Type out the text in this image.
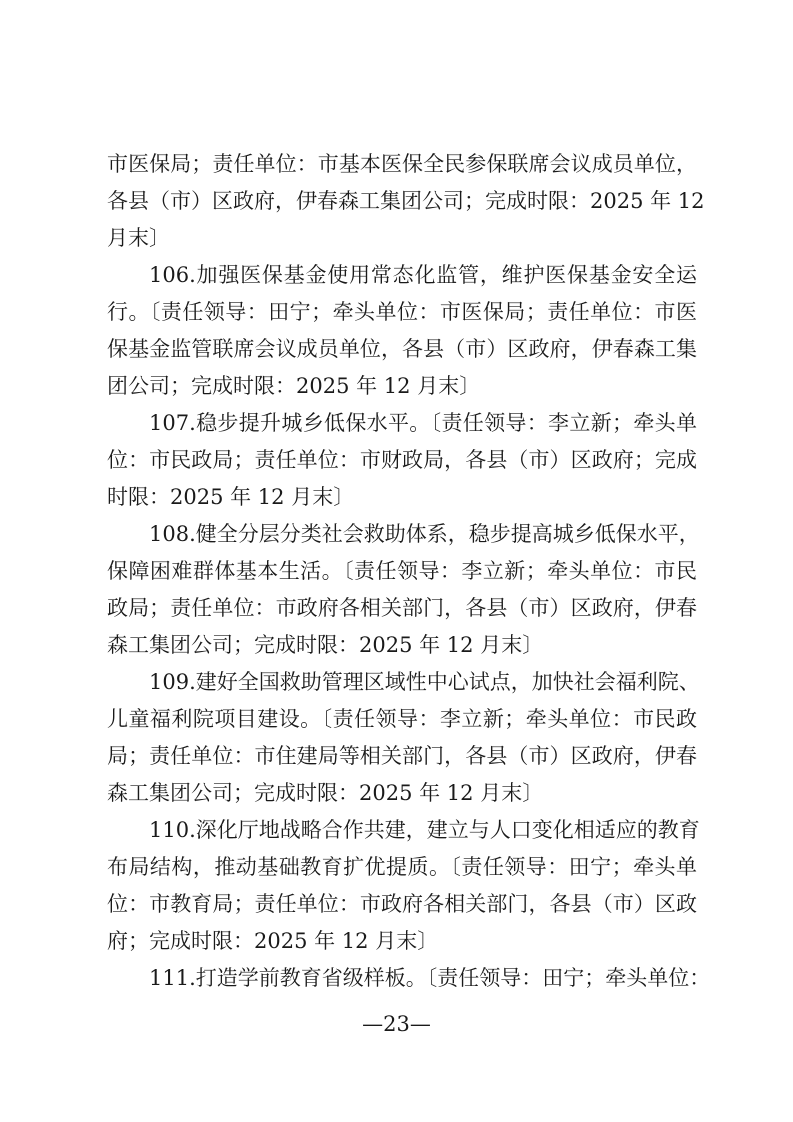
市医保局；责任单位：市基本医保全民参保联席会议成员单位，
各县（市）区政府，伊春森工集团公司；完成时限：2025 年 12
月末〕
106.加强医保基金使用常态化监管，维护医保基金安全运
行。〔责任领导：田宁；牵头单位：市医保局；责任单位：市医
保基金监管联席会议成员单位，各县（市）区政府，伊春森工集
团公司；完成时限：2025 年 12 月末〕
107.稳步提升城乡低保水平。〔责任领导：李立新；牵头单
位：市民政局；责任单位：市财政局，各县（市）区政府；完成
时限：2025 年 12 月末〕
108.健全分层分类社会救助体系，稳步提高城乡低保水平，
保障困难群体基本生活。〔责任领导：李立新；牵头单位：市民
政局；责任单位：市政府各相关部门，各县（市）区政府，伊春
森工集团公司；完成时限：2025 年 12 月末〕
109.建好全国救助管理区域性中心试点，加快社会福利院、
儿童福利院项目建设。〔责任领导：李立新；牵头单位：市民政
局；责任单位：市住建局等相关部门，各县（市）区政府，伊春
森工集团公司；完成时限：2025 年 12 月末〕
110.深化厅地战略合作共建，建立与人口变化相适应的教育
布局结构，推动基础教育扩优提质。〔责任领导：田宁；牵头单
位：市教育局；责任单位：市政府各相关部门，各县（市）区政
府；完成时限：2025 年 12 月末〕
111.打造学前教育省级样板。〔责任领导：田宁；牵头单位：
—23—
